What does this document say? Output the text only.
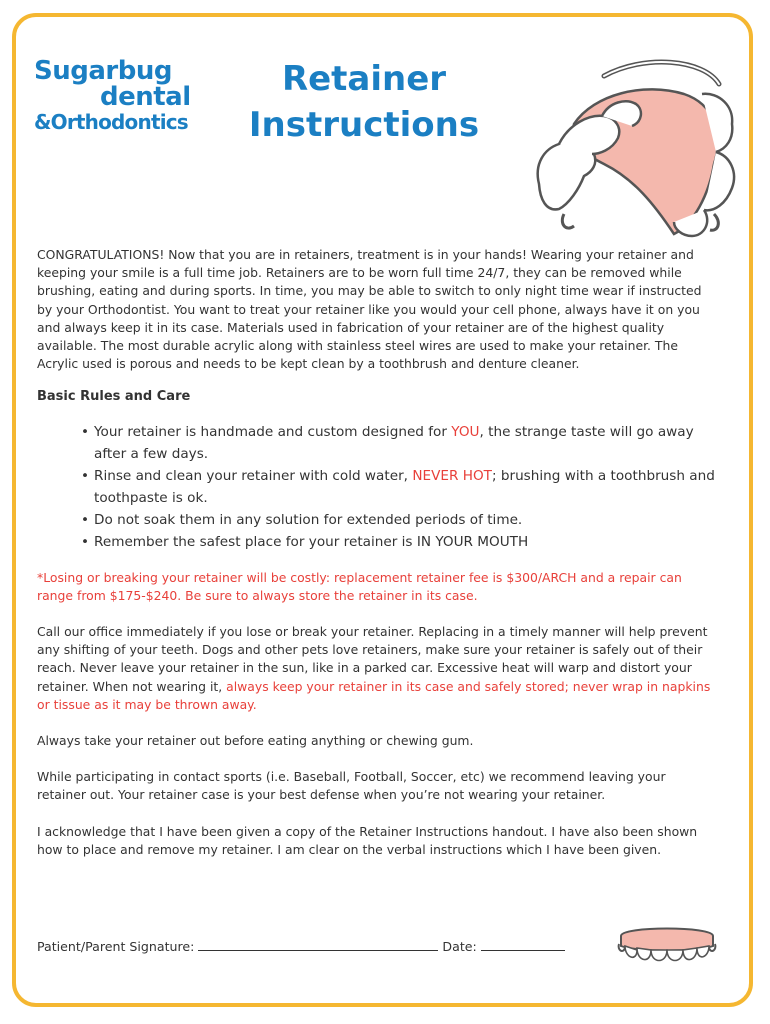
Sugarbug
dental
&Orthodontics
Retainer
Instructions

CONGRATULATIONS! Now that you are in retainers, treatment is in your hands! Wearing your retainer and keeping your smile is a full time job. Retainers are to be worn full time 24/7, they can be removed while brushing, eating and during sports. In time, you may be able to switch to only night time wear if instructed by your Orthodontist. You want to treat your retainer like you would your cell phone, always have it on you and always keep it in its case. Materials used in fabrication of your retainer are of the highest quality available. The most durable acrylic along with stainless steel wires are used to make your retainer. The Acrylic used is porous and needs to be kept clean by a toothbrush and denture cleaner.

Basic Rules and Care

• Your retainer is handmade and custom designed for YOU, the strange taste will go away after a few days.
• Rinse and clean your retainer with cold water, NEVER HOT; brushing with a toothbrush and toothpaste is ok.
• Do not soak them in any solution for extended periods of time.
• Remember the safest place for your retainer is IN YOUR MOUTH

*Losing or breaking your retainer will be costly: replacement retainer fee is $300/ARCH and a repair can range from $175-$240. Be sure to always store the retainer in its case.

Call our office immediately if you lose or break your retainer. Replacing in a timely manner will help prevent any shifting of your teeth. Dogs and other pets love retainers, make sure your retainer is safely out of their reach. Never leave your retainer in the sun, like in a parked car. Excessive heat will warp and distort your retainer. When not wearing it, always keep your retainer in its case and safely stored; never wrap in napkins or tissue as it may be thrown away.

Always take your retainer out before eating anything or chewing gum.

While participating in contact sports (i.e. Baseball, Football, Soccer, etc) we recommend leaving your retainer out. Your retainer case is your best defense when you’re not wearing your retainer.

I acknowledge that I have been given a copy of the Retainer Instructions handout. I have also been shown how to place and remove my retainer. I am clear on the verbal instructions which I have been given.

Patient/Parent Signature:	Date:
